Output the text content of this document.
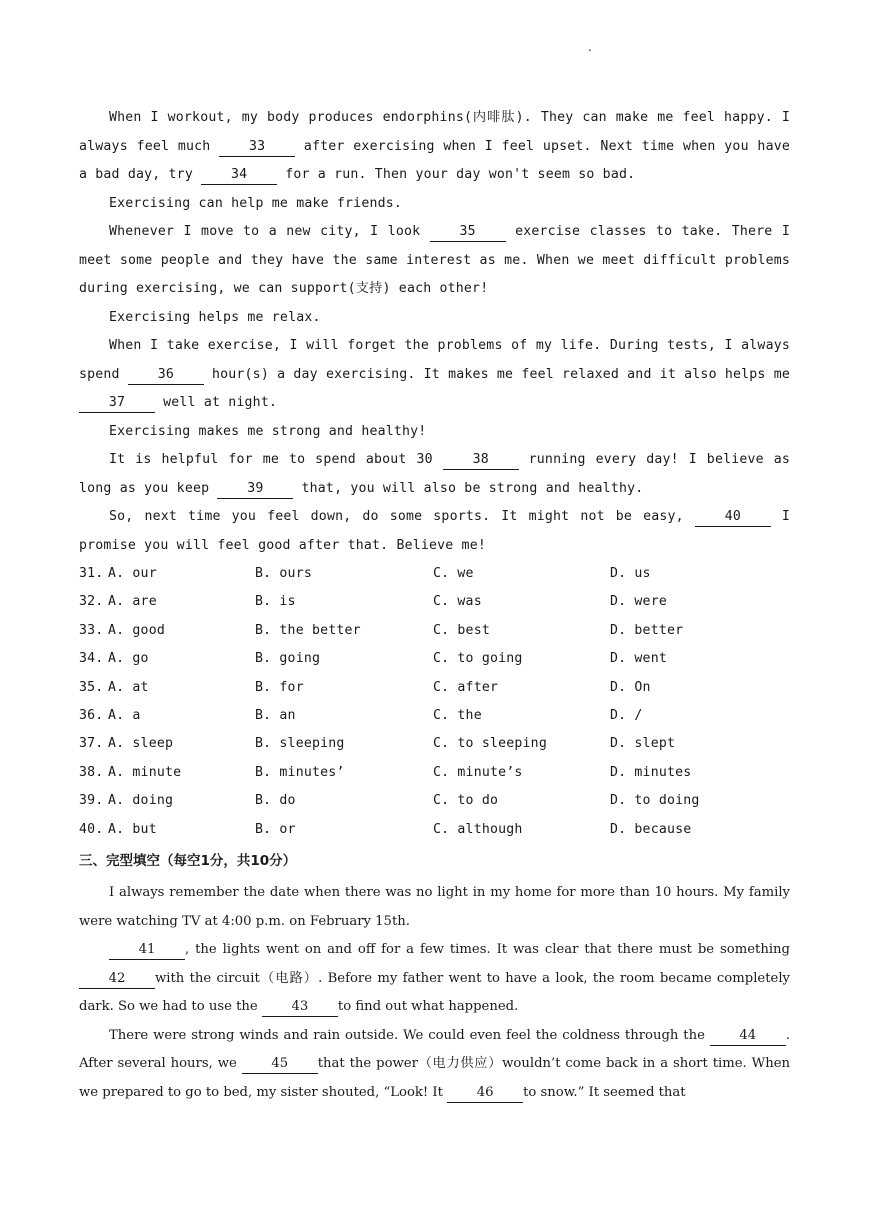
.

When I workout, my body produces endorphins(内啡肽). They can make me feel happy. I always feel much 33 after exercising when I feel upset. Next time when you have a bad day, try 34 for a run. Then your day won't seem so bad.

Exercising can help me make friends.

Whenever I move to a new city, I look 35 exercise classes to take. There I meet some people and they have the same interest as me. When we meet difficult problems during exercising, we can support(支持) each other!

Exercising helps me relax.

When I take exercise, I will forget the problems of my life. During tests, I always spend 36 hour(s) a day exercising. It makes me feel relaxed and it also helps me 37 well at night.

Exercising makes me strong and healthy!

It is helpful for me to spend about 30 38 running every day! I believe as long as you keep 39 that, you will also be strong and healthy.

So, next time you feel down, do some sports. It might not be easy, 40 I promise you will feel good after that. Believe me!

31. A. our	B. ours	C. we	D. us
32. A. are	B. is	C. was	D. were
33. A. good	B. the better	C. best	D. better
34. A. go	B. going	C. to going	D. went
35. A. at	B. for	C. after	D. On
36. A. a	B. an	C. the	D. /
37. A. sleep	B. sleeping	C. to sleeping	D. slept
38. A. minute	B. minutes’	C. minute’s	D. minutes
39. A. doing	B. do	C. to do	D. to doing
40. A. but	B. or	C. although	D. because
三、完型填空（每空1分，共10分）

I always remember the date when there was no light in my home for more than 10 hours. My family were watching TV at 4:00 p.m. on February 15th.

41 , the lights went on and off for a few times. It was clear that there must be something 42 with the circuit（电路）. Before my father went to have a look, the room became completely dark. So we had to use the 43 to find out what happened.

There were strong winds and rain outside. We could even feel the coldness through the 44 . After several hours, we 45 that the power（电力供应）wouldn’t come back in a short time. When we prepared to go to bed, my sister shouted, “Look! It 46 to snow.” It seemed that
